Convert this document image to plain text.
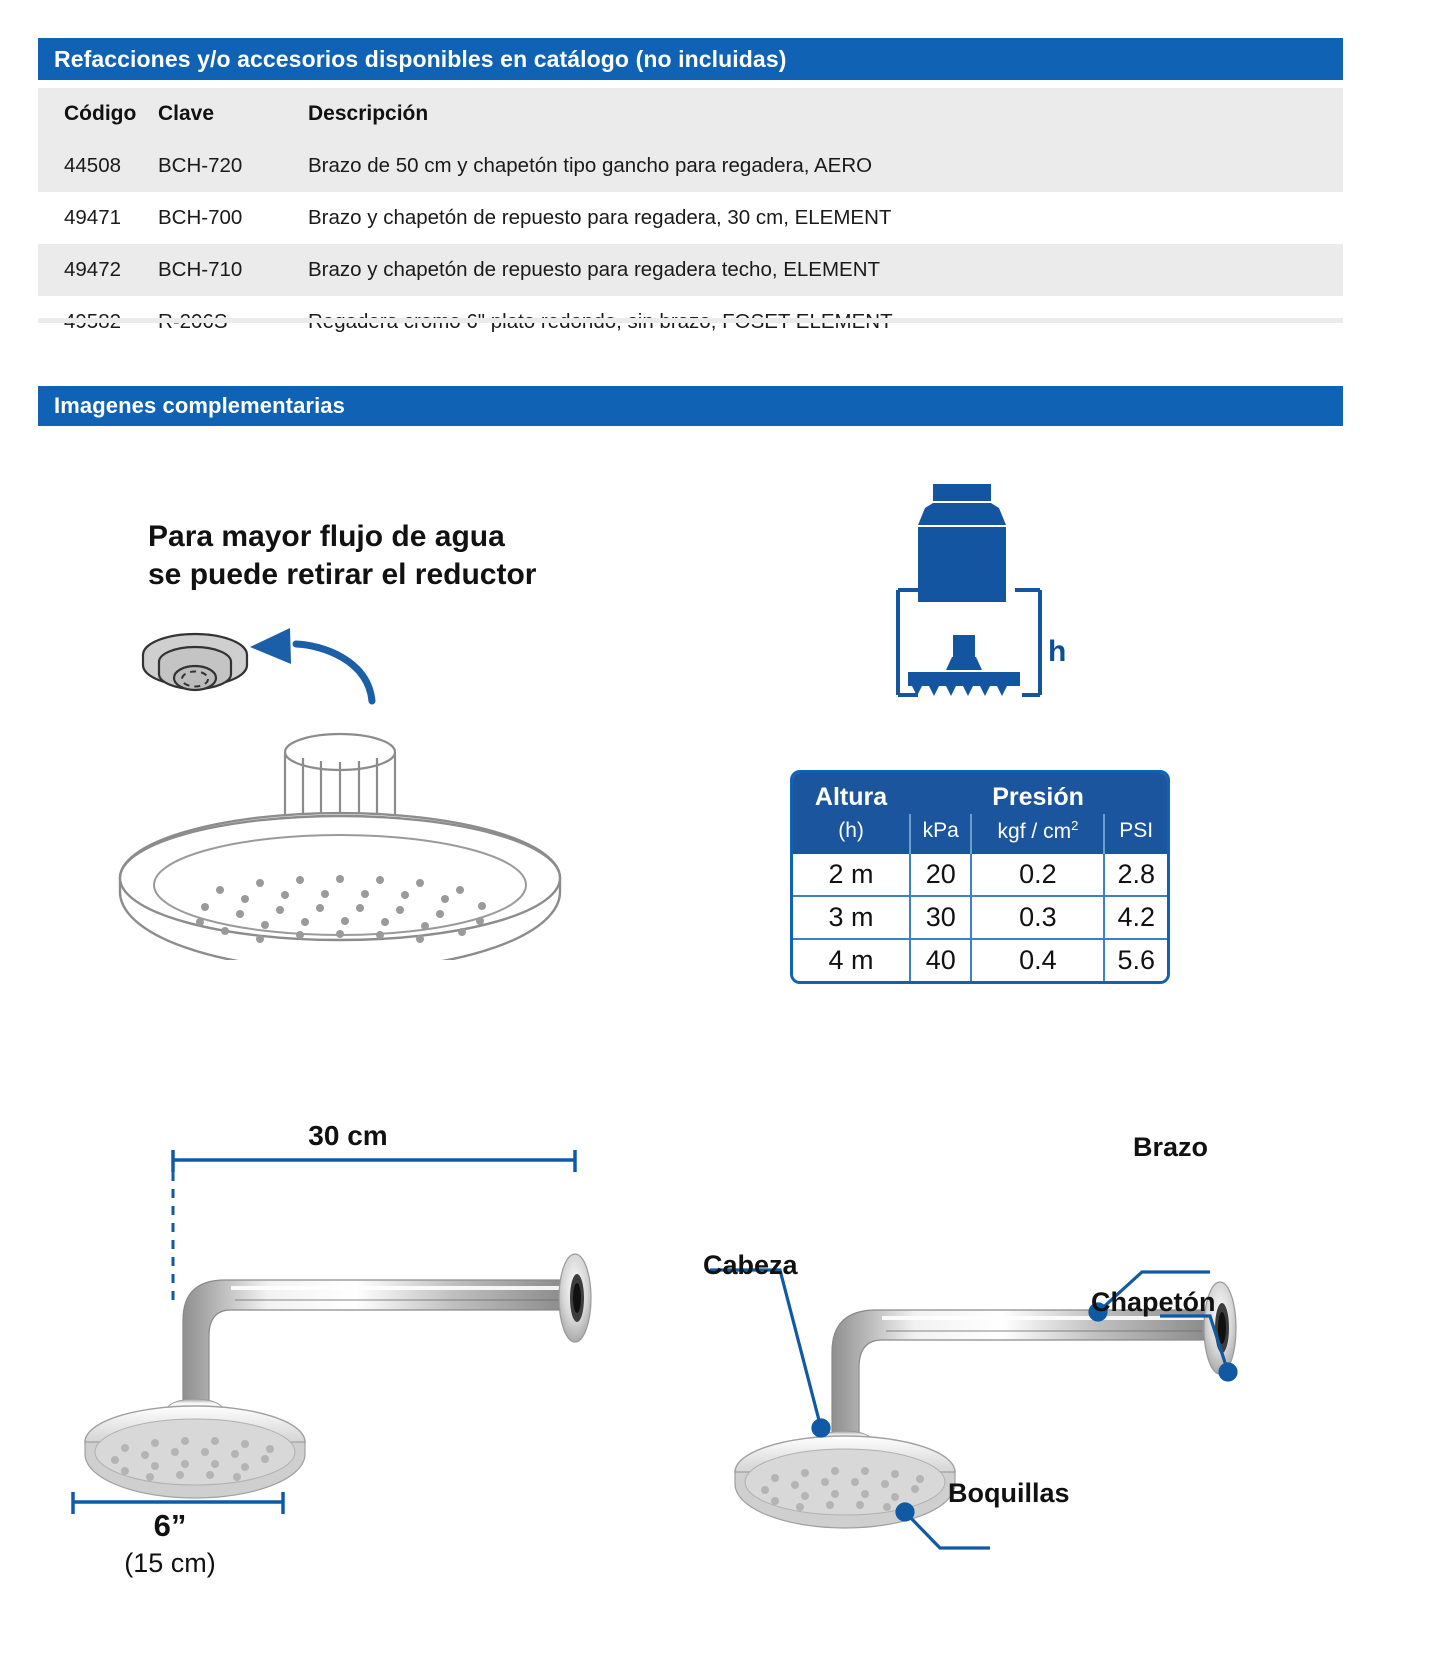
Refacciones y/o accesorios disponibles en catálogo (no incluidas)
Código	Clave	Descripción
44508	BCH-720	Brazo de 50 cm y chapetón tipo gancho para regadera, AERO
49471	BCH-700	Brazo y chapetón de repuesto para regadera, 30 cm, ELEMENT
49472	BCH-710	Brazo y chapetón de repuesto para regadera techo, ELEMENT

Imagenes complementarias
Para mayor flujo de agua
se puede retirar el reductor
h
Altura	Presión		
(h)	kPa	kgf / $cm^2$	PSI
2 m	20	0.2	2.8
3 m	30	0.3	4.2
4 m	40	0.4	5.6
30 cm
6”
(15 cm)
Brazo
Cabeza
Chapetón
Boquillas
